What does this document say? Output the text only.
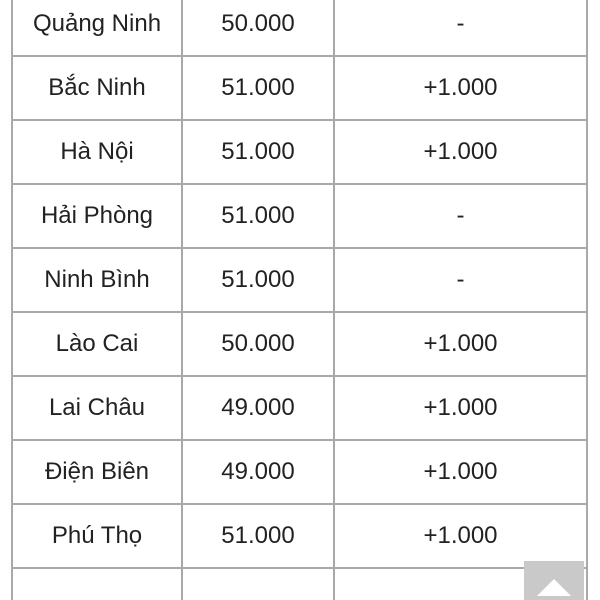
Quảng Ninh	50.000	-
Bắc Ninh	51.000	+1.000
Hà Nội	51.000	+1.000
Hải Phòng	51.000	-
Ninh Bình	51.000	-
Lào Cai	50.000	+1.000
Lai Châu	49.000	+1.000
Điện Biên	49.000	+1.000
Phú Thọ	51.000	+1.000
